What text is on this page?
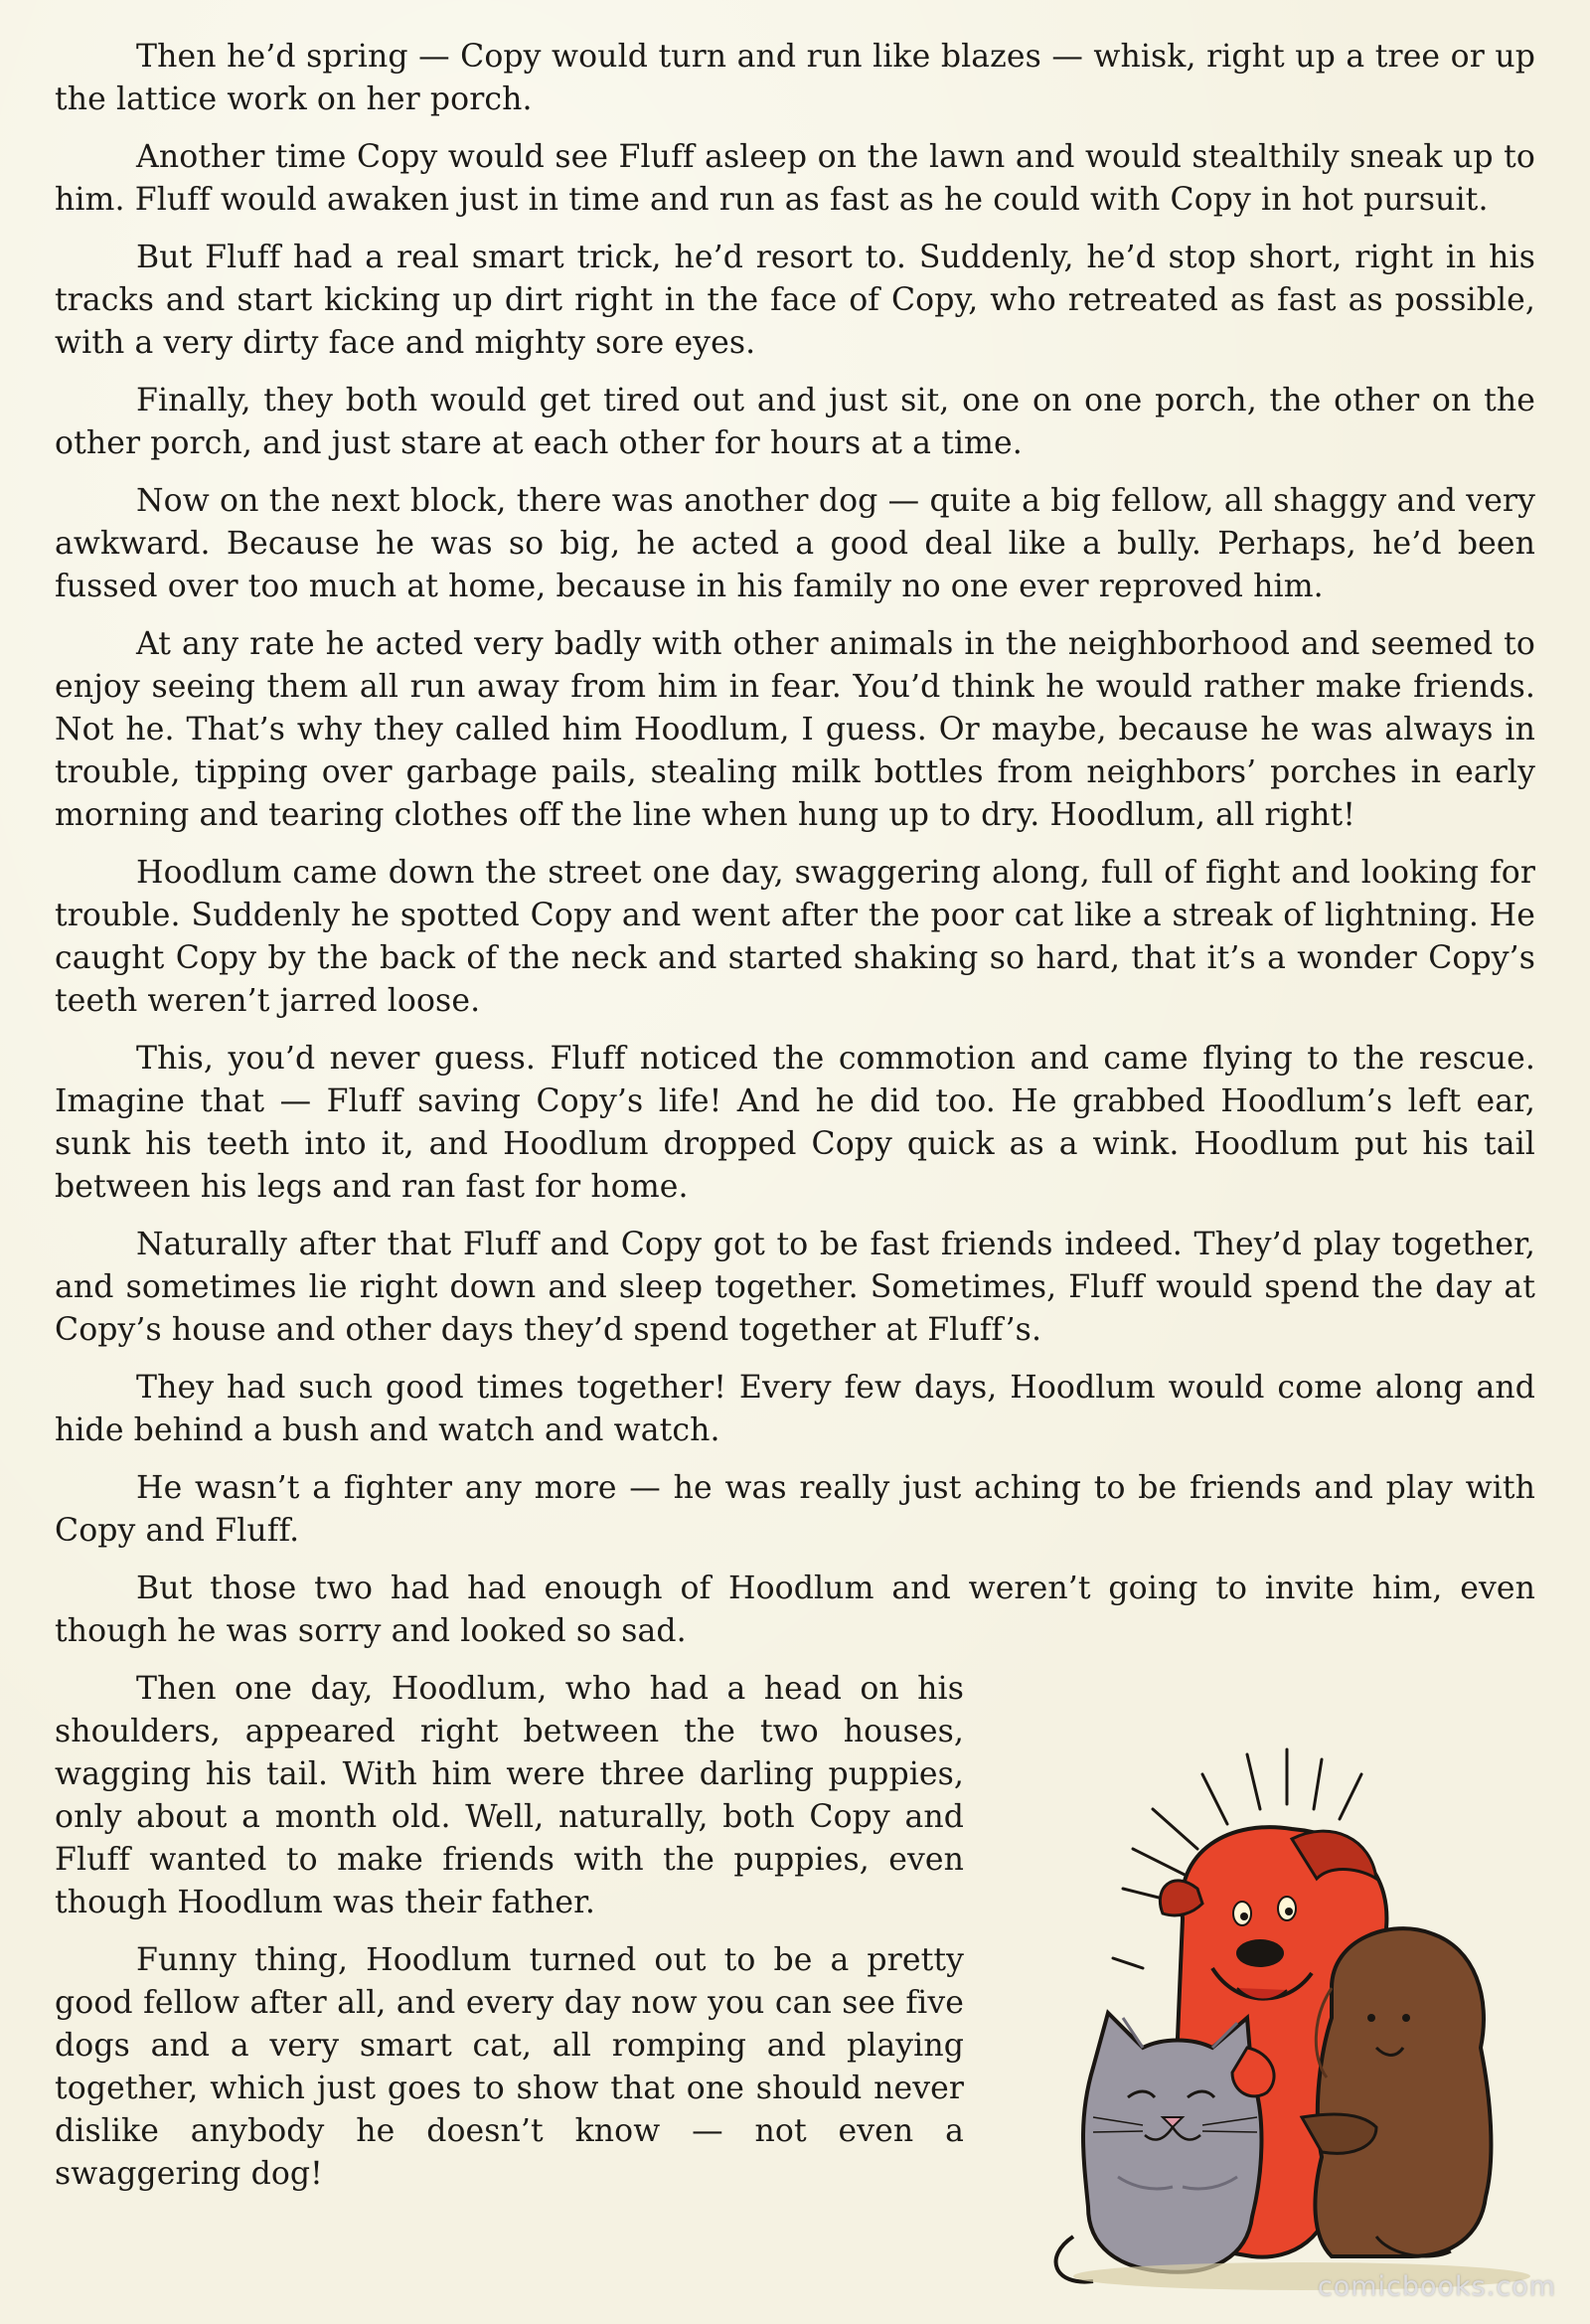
Then he’d spring — Copy would turn and run like blazes — whisk, right up a tree or up the lattice work on her porch.

Another time Copy would see Fluff asleep on the lawn and would stealthily sneak up to him. Fluff would awaken just in time and run as fast as he could with Copy in hot pursuit.

But Fluff had a real smart trick, he’d resort to. Suddenly, he’d stop short, right in his tracks and start kicking up dirt right in the face of Copy, who retreated as fast as possible, with a very dirty face and mighty sore eyes.

Finally, they both would get tired out and just sit, one on one porch, the other on the other porch, and just stare at each other for hours at a time.

Now on the next block, there was another dog — quite a big fellow, all shaggy and very awkward. Because he was so big, he acted a good deal like a bully. Perhaps, he’d been fussed over too much at home, because in his family no one ever reproved him.

At any rate he acted very badly with other animals in the neighborhood and seemed to enjoy seeing them all run away from him in fear. You’d think he would rather make friends. Not he. That’s why they called him Hoodlum, I guess. Or maybe, because he was always in trouble, tipping over garbage pails, stealing milk bottles from neighbors’ porches in early morning and tearing clothes off the line when hung up to dry. Hoodlum, all right!

Hoodlum came down the street one day, swaggering along, full of fight and looking for trouble. Suddenly he spotted Copy and went after the poor cat like a streak of lightning. He caught Copy by the back of the neck and started shaking so hard, that it’s a wonder Copy’s teeth weren’t jarred loose.

This, you’d never guess. Fluff noticed the commotion and came flying to the rescue. Imagine that — Fluff saving Copy’s life! And he did too. He grabbed Hoodlum’s left ear, sunk his teeth into it, and Hoodlum dropped Copy quick as a wink. Hoodlum put his tail between his legs and ran fast for home.

Naturally after that Fluff and Copy got to be fast friends indeed. They’d play together, and sometimes lie right down and sleep together. Sometimes, Fluff would spend the day at Copy’s house and other days they’d spend together at Fluff’s.

They had such good times together! Every few days, Hoodlum would come along and hide behind a bush and watch and watch.

He wasn’t a fighter any more — he was really just aching to be friends and play with Copy and Fluff.

But those two had had enough of Hoodlum and weren’t going to invite him, even though he was sorry and looked so sad.

Then one day, Hoodlum, who had a head on his shoulders, appeared right between the two houses, wagging his tail. With him were three darling puppies, only about a month old. Well, naturally, both Copy and Fluff wanted to make friends with the puppies, even though Hoodlum was their father.

Funny thing, Hoodlum turned out to be a pretty good fellow after all, and every day now you can see five dogs and a very smart cat, all romping and playing together, which just goes to show that one should never dislike anybody he doesn’t know — not even a swaggering dog!

comicbooks.com
